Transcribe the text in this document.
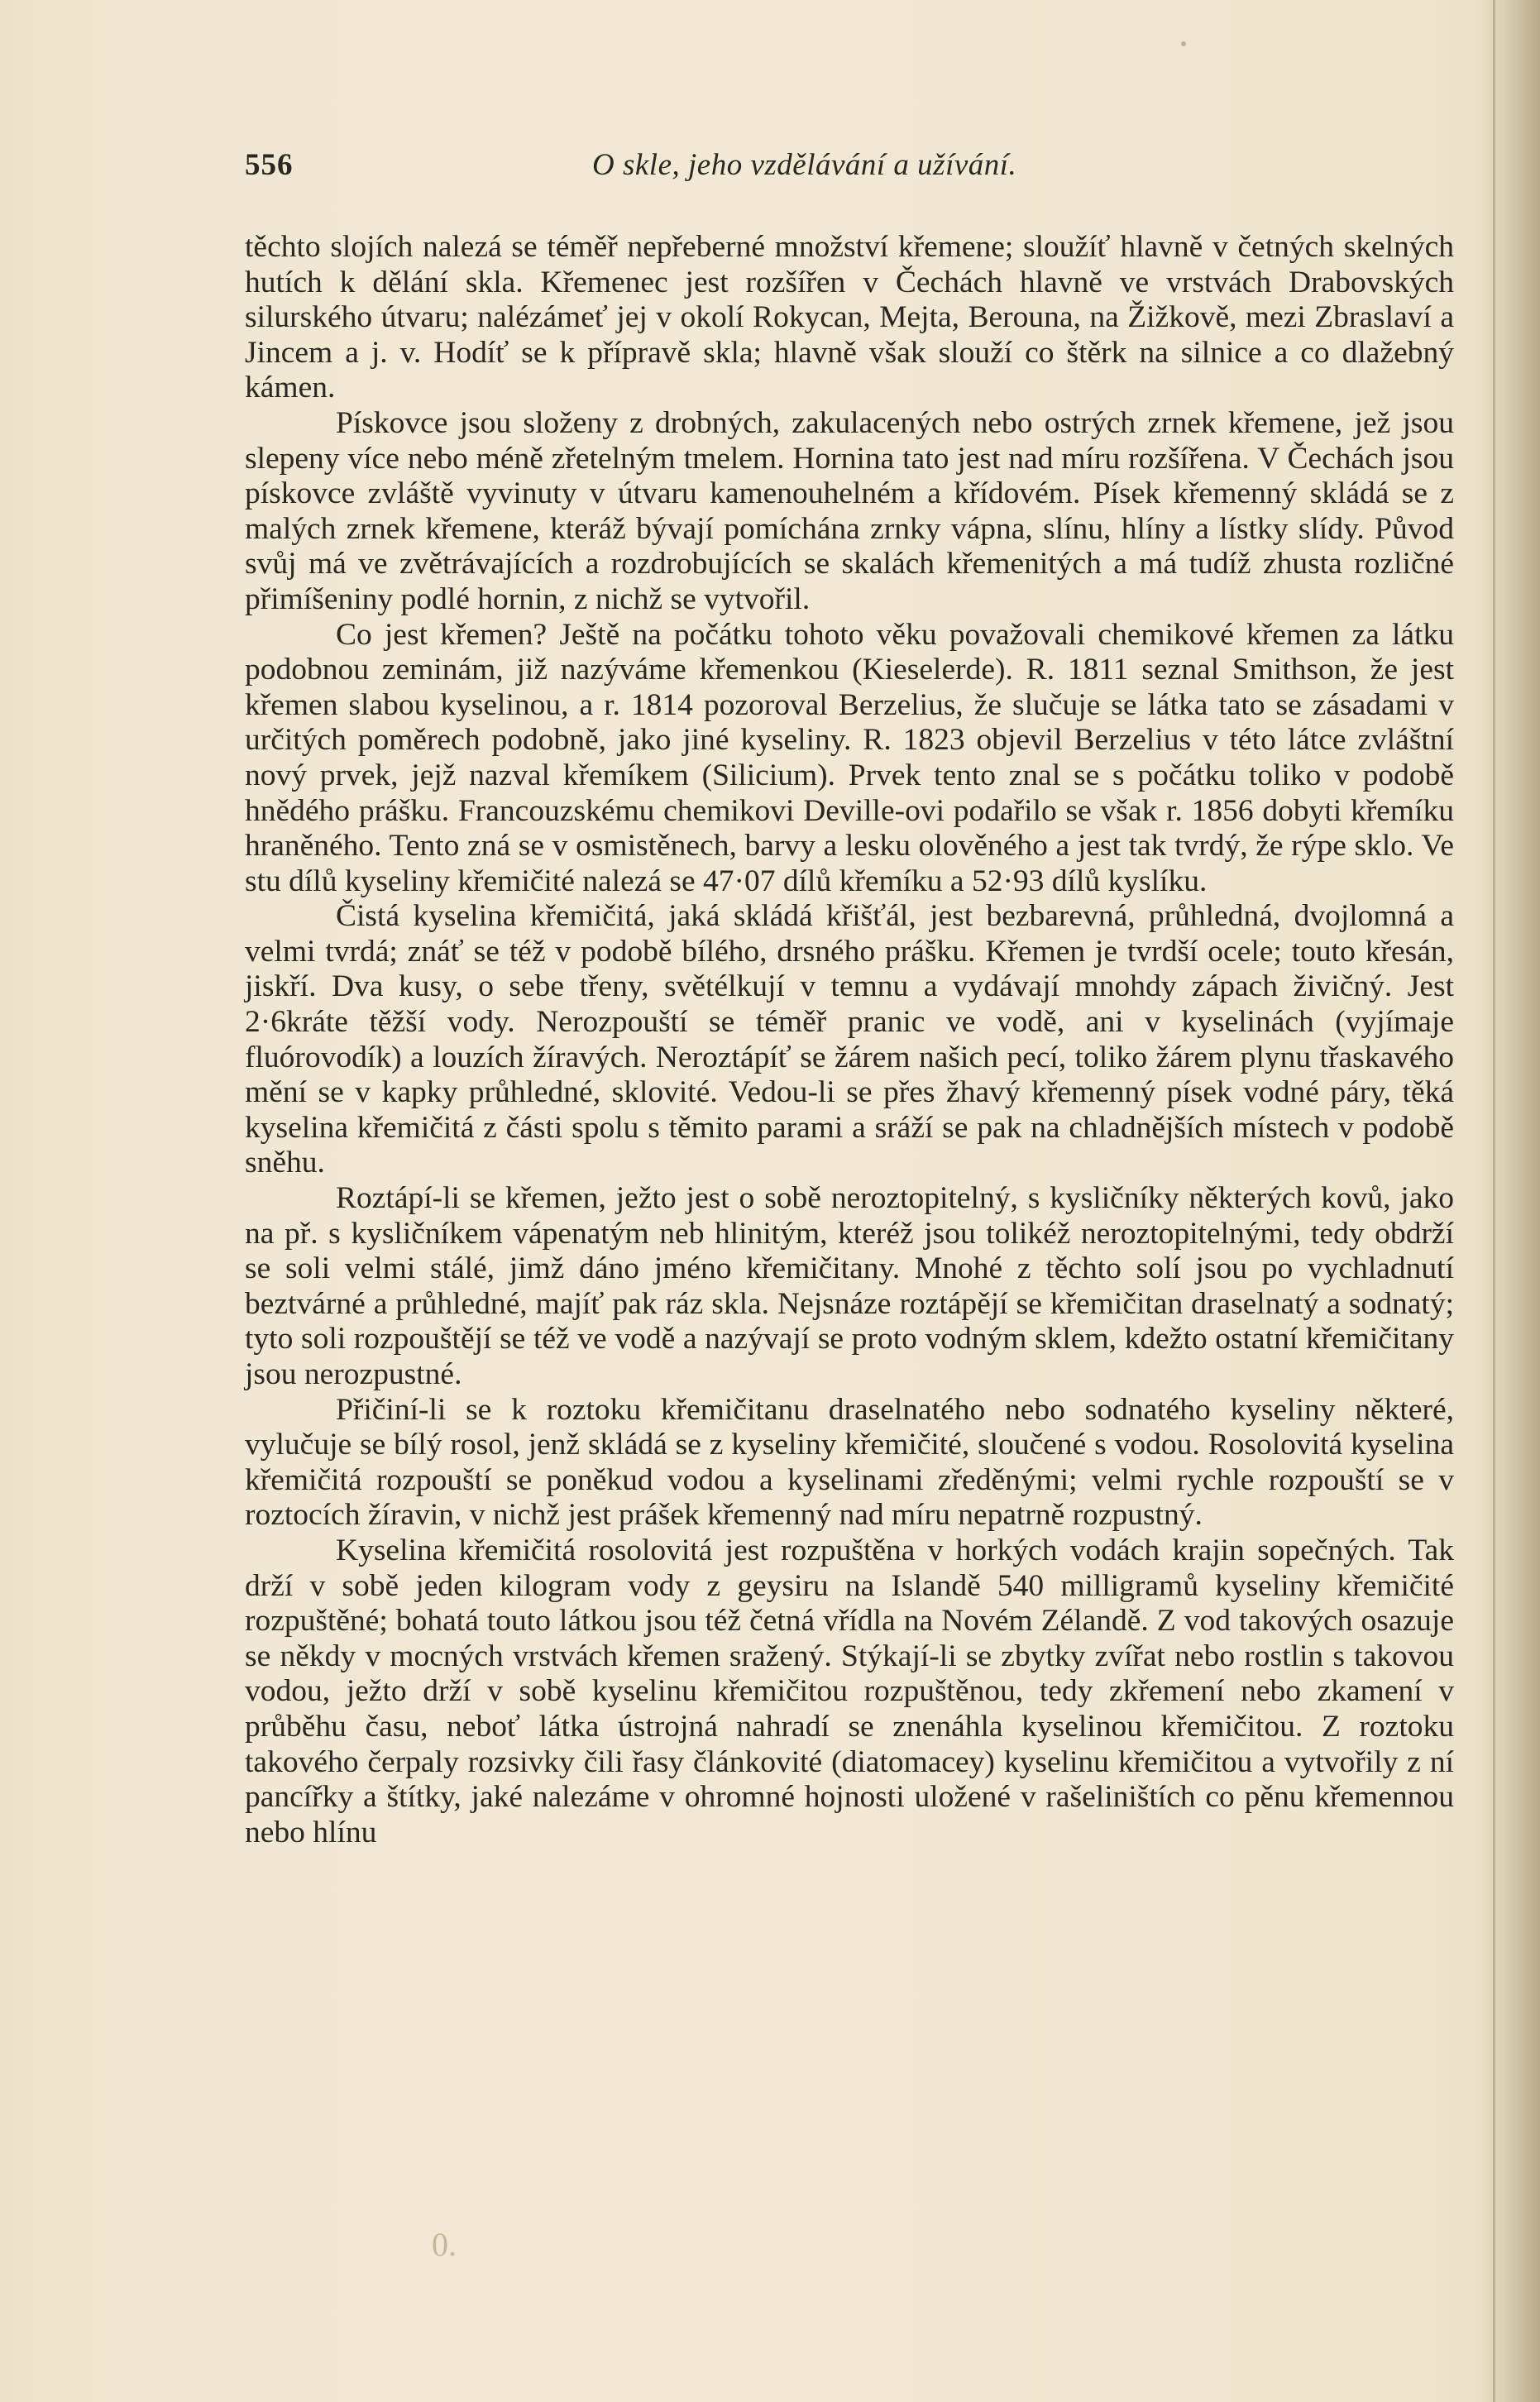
556	O skle, jeho vzdělávání a užívání.

těchto slojích nalezá se téměř nepřeberné množství křemene; sloužíť hlavně v četných skelných hutích k dělání skla. Křemenec jest rozšířen v Čechách hlavně ve vrstvách Drabovských silurského útvaru; nalézámeť jej v okolí Rokycan, Mejta, Berouna, na Žižkově, mezi Zbraslaví a Jincem a j. v. Hodíť se k přípravě skla; hlavně však slouží co štěrk na silnice a co dlažebný kámen.

Pískovce jsou složeny z drobných, zakulacených nebo ostrých zrnek křemene, jež jsou slepeny více nebo méně zřetelným tmelem. Hornina tato jest nad míru rozšířena. V Čechách jsou pískovce zvláště vyvinuty v útvaru kamenouhelném a křídovém. Písek křemenný skládá se z malých zrnek křemene, kteráž bývají pomíchána zrnky vápna, slínu, hlíny a lístky slídy. Původ svůj má ve zvětrávajících a rozdrobujících se skalách křemenitých a má tudíž zhusta rozličné přimíšeniny podlé hornin, z nichž se vytvořil.

Co jest křemen? Ještě na počátku tohoto věku považovali chemikové křemen za látku podobnou zeminám, již nazýváme křemenkou (Kieselerde). R. 1811 seznal Smithson, že jest křemen slabou kyselinou, a r. 1814 pozoroval Berzelius, že slučuje se látka tato se zásadami v určitých poměrech podobně, jako jiné kyseliny. R. 1823 objevil Berzelius v této látce zvláštní nový prvek, jejž nazval křemíkem (Silicium). Prvek tento znal se s počátku toliko v podobě hnědého prášku. Francouzskému chemikovi Deville-ovi podařilo se však r. 1856 dobyti křemíku hraněného. Tento zná se v osmistěnech, barvy a lesku olověného a jest tak tvrdý, že rýpe sklo. Ve stu dílů kyseliny křemičité nalezá se 47·07 dílů křemíku a 52·93 dílů kyslíku.

Čistá kyselina křemičitá, jaká skládá křišťál, jest bezbarevná, průhledná, dvojlomná a velmi tvrdá; znáť se též v podobě bílého, drsného prášku. Křemen je tvrdší ocele; touto křesán, jiskří. Dva kusy, o sebe třeny, světélkují v temnu a vydávají mnohdy zápach živičný. Jest 2·6kráte těžší vody. Nerozpouští se téměř pranic ve vodě, ani v kyselinách (vyjímaje fluórovodík) a louzích žíravých. Neroztápíť se žárem našich pecí, toliko žárem plynu třaskavého mění se v kapky průhledné, sklovité. Vedou-li se přes žhavý křemenný písek vodné páry, těká kyselina křemičitá z části spolu s těmito parami a sráží se pak na chladnějších místech v podobě sněhu.

Roztápí-li se křemen, ježto jest o sobě neroztopitelný, s kysličníky některých kovů, jako na př. s kysličníkem vápenatým neb hlinitým, kteréž jsou tolikéž neroztopitelnými, tedy obdrží se soli velmi stálé, jimž dáno jméno křemičitany. Mnohé z těchto solí jsou po vychladnutí beztvárné a průhledné, majíť pak ráz skla. Nejsnáze roztápějí se křemičitan draselnatý a sodnatý; tyto soli rozpouštějí se též ve vodě a nazývají se proto vodným sklem, kdežto ostatní křemičitany jsou nerozpustné.

Přičiní-li se k roztoku křemičitanu draselnatého nebo sodnatého kyseliny některé, vylučuje se bílý rosol, jenž skládá se z kyseliny křemičité, sloučené s vodou. Rosolovitá kyselina křemičitá rozpouští se poněkud vodou a kyselinami zředěnými; velmi rychle rozpouští se v roztocích žíravin, v nichž jest prášek křemenný nad míru nepatrně rozpustný.

Kyselina křemičitá rosolovitá jest rozpuštěna v horkých vodách krajin sopečných. Tak drží v sobě jeden kilogram vody z geysiru na Islandě 540 milligramů kyseliny křemičité rozpuštěné; bohatá touto látkou jsou též četná vřídla na Novém Zélandě. Z vod takových osazuje se někdy v mocných vrstvách křemen sražený. Stýkají-li se zbytky zvířat nebo rostlin s takovou vodou, ježto drží v sobě kyselinu křemičitou rozpuštěnou, tedy zkřemení nebo zkamení v průběhu času, neboť látka ústrojná nahradí se znenáhla kyselinou křemičitou. Z roztoku takového čerpaly rozsivky čili řasy článkovité (diatomacey) kyselinu křemičitou a vytvořily z ní pancířky a štítky, jaké nalezáme v ohromné hojnosti uložené v rašeliništích co pěnu křemennou nebo hlínu

0.
